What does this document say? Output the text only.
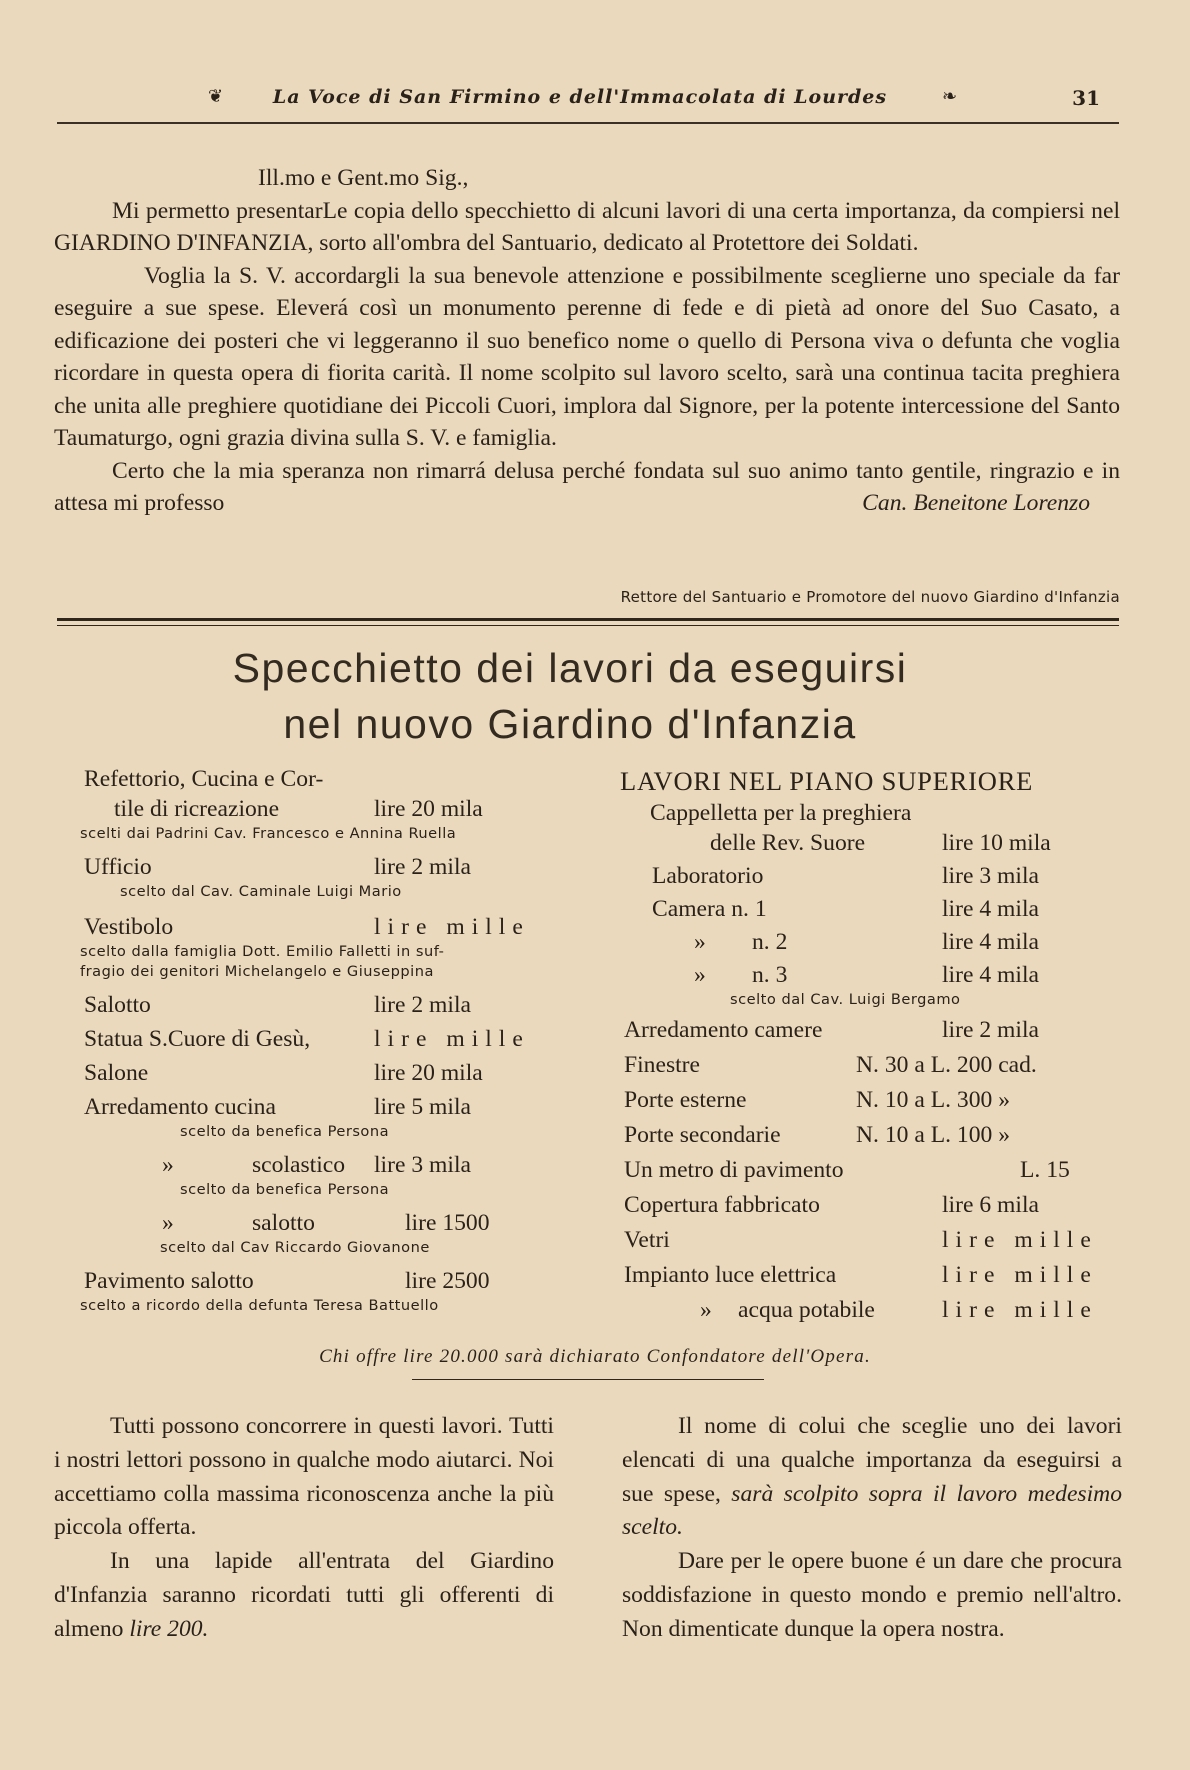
❦	La Voce di San Firmino e dell'Immacolata di Lourdes	❧	31

Ill.mo e Gent.mo Sig.,

Mi permetto presentarLe copia dello specchietto di alcuni lavori di una certa importanza, da compiersi nel GIARDINO D'INFANZIA, sorto all'ombra del Santuario, dedicato al Protettore dei Soldati.

Voglia la S. V. accordargli la sua benevole attenzione e possibilmente sceglierne uno speciale da far eseguire a sue spese. Eleverá così un monumento perenne di fede e di pietà ad onore del Suo Casato, a edificazione dei posteri che vi leggeranno il suo benefico nome o quello di Persona viva o defunta che voglia ricordare in questa opera di fiorita carità. Il nome scolpito sul lavoro scelto, sarà una continua tacita preghiera che unita alle preghiere quotidiane dei Piccoli Cuori, implora dal Signore, per la potente intercessione del Santo Taumaturgo, ogni grazia divina sulla S. V. e famiglia.

Certo che la mia speranza non rimarrá delusa perché fondata sul suo animo tanto gentile, ringrazio e in attesa mi professo	Can. Beneitone Lorenzo

Rettore del Santuario e Promotore del nuovo Giardino d'Infanzia
Specchietto dei lavori da eseguirsi
nel nuovo Giardino d'Infanzia
Refettorio, Cucina e Cor-
tile di ricreazione	lire 20 mila
scelti dai Padrini Cav. Francesco e Annina Ruella
Ufficio	lire 2 mila
scelto dal Cav. Caminale Luigi Mario
Vestibolo	lire mille
scelto dalla famiglia Dott. Emilio Falletti in suf-
fragio dei genitori Michelangelo e Giuseppina
Salotto	lire 2 mila
Statua S.Cuore di Gesù,	lire mille
Salone	lire 20 mila
Arredamento cucina	lire 5 mila
scelto da benefica Persona
»	scolastico lire 3 mila
scelto da benefica Persona
»	salotto	lire 1500
scelto dal Cav Riccardo Giovanone
Pavimento salotto	lire 2500
scelto a ricordo della defunta Teresa Battuello
LAVORI NEL PIANO SUPERIORE
Cappelletta per la preghiera
delle Rev. Suore	lire 10 mila
Laboratorio	lire 3 mila
Camera n. 1	lire 4 mila
» n. 2	lire 4 mila
» n. 3	lire 4 mila
scelto dal Cav. Luigi Bergamo
Arredamento camere	lire 2 mila
Finestre	N. 30 a L. 200 cad.
Porte esterne	N. 10 a L. 300 »
Porte secondarie	N. 10 a L. 100 »
Un metro di pavimento	L. 15
Copertura fabbricato	lire 6 mila
Vetri	lire mille
Impianto luce elettrica	lire mille
» acqua potabile	lire mille
Chi offre lire 20.000 sarà dichiarato Confondatore dell'Opera.

Tutti possono concorrere in questi lavori. Tutti i nostri lettori possono in qualche modo aiutarci. Noi accettiamo colla massima riconoscenza anche la più piccola offerta.

In una lapide all'entrata del Giardino d'Infanzia saranno ricordati tutti gli offerenti di almeno lire 200.

Il nome di colui che sceglie uno dei lavori elencati di una qualche importanza da eseguirsi a sue spese, sarà scolpito sopra il lavoro medesimo scelto.

Dare per le opere buone é un dare che procura soddisfazione in questo mondo e premio nell'altro. Non dimenticate dunque la opera nostra.
